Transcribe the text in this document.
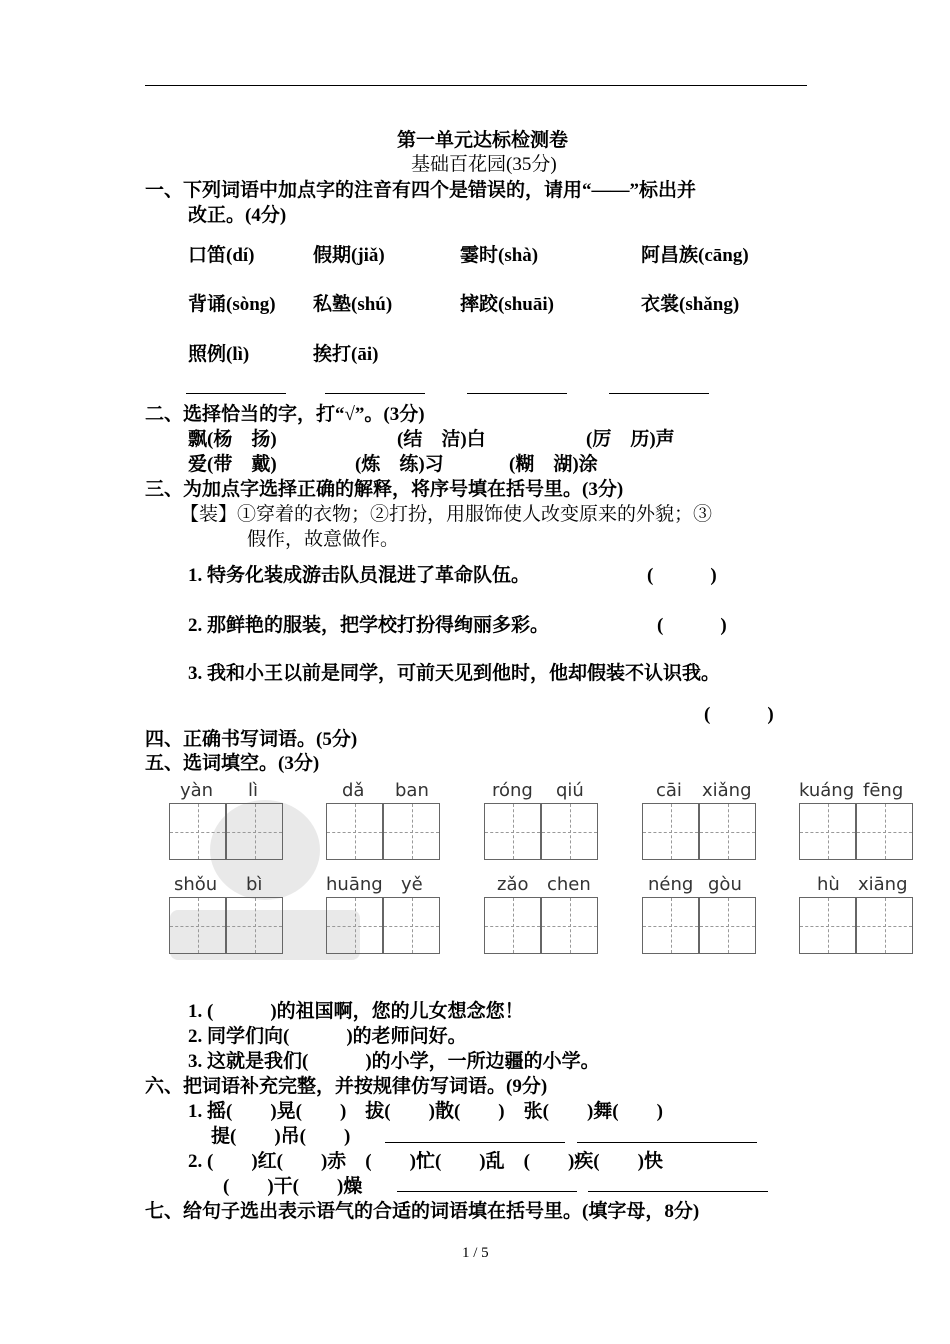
第一单元达标检测卷
基础百花园(35分)
一、下列词语中加点字的注音有四个是错误的，请用“——”标出并
改正。(4分)
口笛(dí)	假期(jiǎ)	霎时(shà)	阿昌族(cāng)
背诵(sòng) 私塾(shú)	摔跤(shuāi)	衣裳(shǎng)
照例(lì)	挨打(āi)
二、选择恰当的字，打“√”。(3分)
飘(杨　扬)	(结　洁)白	(厉　历)声
爱(带　戴)	(炼　练)习	(糊　湖)涂
三、为加点字选择正确的解释，将序号填在括号里。(3分)
【装】①穿着的衣物；②打扮，用服饰使人改变原来的外貌；③
假作，故意做作。
1. 特务化装成游击队员混进了革命队伍。	(　　　)
2. 那鲜艳的服装，把学校打扮得绚丽多彩。	(　　　)
3. 我和小王以前是同学，可前天见到他时，他却假装不认识我。
(　　　)
四、正确书写词语。(5分)
五、选词填空。(3分)
yàn lì	dǎ ban	róng qiú	cāi xiǎng	kuáng fēng
shǒu bì	huāng yě	zǎo chen	néng gòu	hù xiāng
1. (　　　)的祖国啊，您的儿女想念您！
2. 同学们向(　　　)的老师问好。
3. 这就是我们(　　　)的小学，一所边疆的小学。
六、把词语补充完整，并按规律仿写词语。(9分)
1. 摇(　　)晃(　　)　拔(　　)散(　　)　张(　　)舞(　　)
提(　　)吊(　　)
2. (　　)红(　　)赤　(　　)忙(　　)乱　(　　)疾(　　)快
(　　)干(　　)燥
七、给句子选出表示语气的合适的词语填在括号里。(填字母，8分)
1 / 5
